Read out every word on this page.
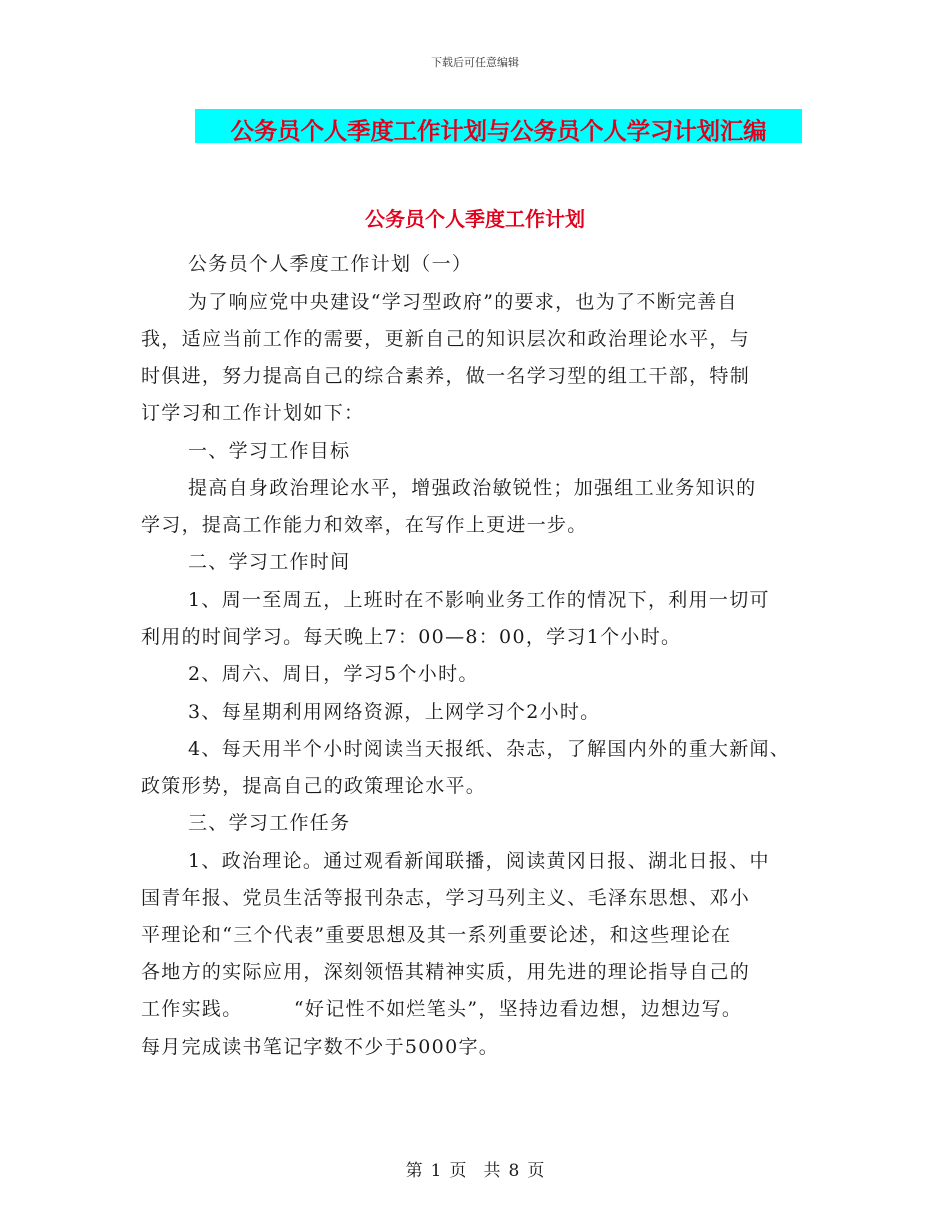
下载后可任意编辑
公务员个人季度工作计划与公务员个人学习计划汇编
公务员个人季度工作计划
公务员个人季度工作计划（一）
为了响应党中央建设“学习型政府”的要求，也为了不断完善自
我，适应当前工作的需要，更新自己的知识层次和政治理论水平，与
时俱进，努力提高自己的综合素养，做一名学习型的组工干部，特制
订学习和工作计划如下：
一、学习工作目标
提高自身政治理论水平，增强政治敏锐性；加强组工业务知识的
学习，提高工作能力和效率，在写作上更进一步。
二、学习工作时间
1、周一至周五，上班时在不影响业务工作的情况下，利用一切可
利用的时间学习。每天晚上7：00—8：00，学习1个小时。
2、周六、周日，学习5个小时。
3、每星期利用网络资源，上网学习个2小时。
4、每天用半个小时阅读当天报纸、杂志，了解国内外的重大新闻、
政策形势，提高自己的政策理论水平。
三、学习工作任务
1、政治理论。通过观看新闻联播，阅读黄冈日报、湖北日报、中
国青年报、党员生活等报刊杂志，学习马列主义、毛泽东思想、邓小
平理论和“三个代表”重要思想及其一系列重要论述，和这些理论在
各地方的实际应用，深刻领悟其精神实质，用先进的理论指导自己的
工作实践。　　　“好记性不如烂笔头”，坚持边看边想，边想边写。
每月完成读书笔记字数不少于5000字。
第 1 页　共 8 页
